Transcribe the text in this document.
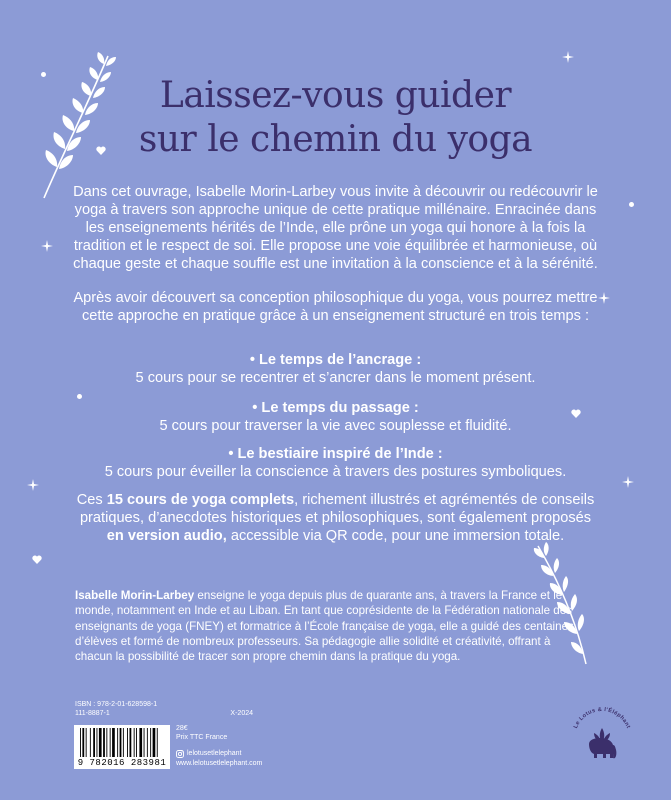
Laissez-vous guider
sur le chemin du yoga

Dans cet ouvrage, Isabelle Morin-Larbey vous invite à découvrir ou redécouvrir le yoga à travers son approche unique de cette pratique millénaire. Enracinée dans les enseignements hérités de l’Inde, elle prône un yoga qui honore à la fois la tradition et le respect de soi. Elle propose une voie équilibrée et harmonieuse, où chaque geste et chaque souffle est une invitation à la conscience et à la sérénité.

Après avoir découvert sa conception philosophique du yoga, vous pourrez mettre cette approche en pratique grâce à un enseignement structuré en trois temps :

• Le temps de l’ancrage :
5 cours pour se recentrer et s’ancrer dans le moment présent.
• Le temps du passage :
5 cours pour traverser la vie avec souplesse et fluidité.
• Le bestiaire inspiré de l’Inde :
5 cours pour éveiller la conscience à travers des postures symboliques.
Ces 15 cours de yoga complets, richement illustrés et agrémentés de conseils pratiques, d’anecdotes historiques et philosophiques, sont également proposés en version audio, accessible via QR code, pour une immersion totale.
Isabelle Morin-Larbey enseigne le yoga depuis plus de quarante ans, à travers la France et le monde, notamment en Inde et au Liban. En tant que coprésidente de la Fédération nationale des enseignants de yoga (FNEY) et formatrice à l’École française de yoga, elle a guidé des centaines d’élèves et formé de nombreux professeurs. Sa pédagogie allie solidité et créativité, offrant à chacun la possibilité de tracer son propre chemin dans la pratique du yoga.
ISBN : 978-2-01-628598-1
111-8887-1	X-2024
9 782016 283981
28€
Prix TTC France
lelotusetlelephant
www.lelotusetlelephant.com
Le Lotus & l'Éléphant
